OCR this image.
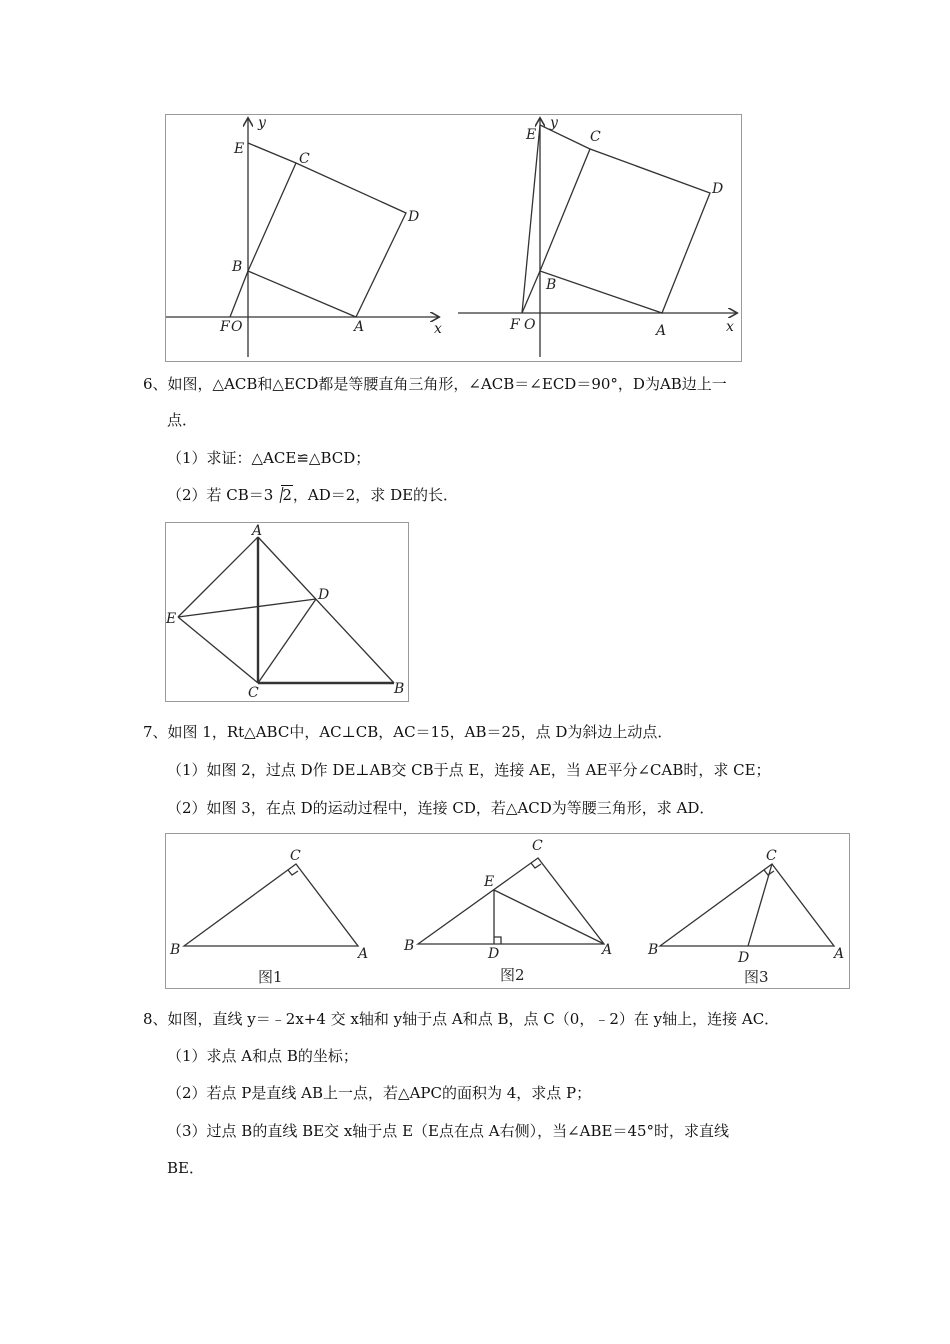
y
x
E
C
D
B
F O	A
y
x
E	C
D
B
F O	A
6、如图，△ACB和△ECD都是等腰直角三角形，∠ACB＝∠ECD＝90°，D为AB边上一
点．
（1）求证：△ACE≌△BCD；
（2）若 CB＝3 2，AD＝2，求 DE的长．
A
D
E
C	B
7、如图 1，Rt△ABC中，AC⊥CB，AC＝15，AB＝25，点 D为斜边上动点．
（1）如图 2，过点 D作 DE⊥AB交 CB于点 E，连接 AE，当 AE平分∠CAB时，求 CE；
（2）如图 3，在点 D的运动过程中，连接 CD，若△ACD为等腰三角形，求 AD．
C
B	A
图1
C
E
B	D	A
图2
C
B	D	A
图3
8、如图，直线 y＝﹣2x+4 交 x轴和 y轴于点 A和点 B，点 C（0，﹣2）在 y轴上，连接 AC．
（1）求点 A和点 B的坐标；
（2）若点 P是直线 AB上一点，若△APC的面积为 4，求点 P；
（3）过点 B的直线 BE交 x轴于点 E（E点在点 A右侧），当∠ABE＝45°时，求直线
BE．
